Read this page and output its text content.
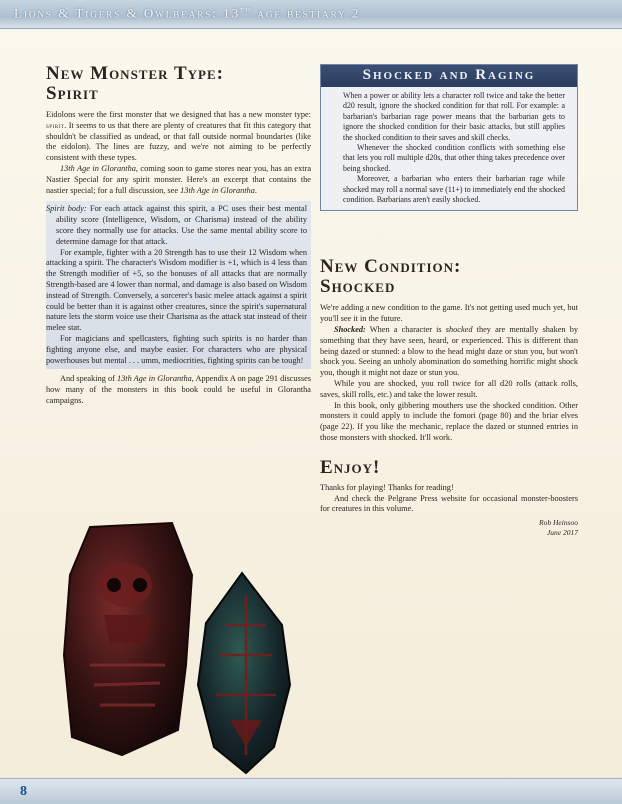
Lions & Tigers & Owlbears: 13th age bestiary 2
New Monster Type:
Spirit

Eidolons were the first monster that we designed that has a new monster type: spirit. It seems to us that there are plenty of creatures that fit this category that shouldn't be classified as undead, or that fall outside normal boundaries (like the eidolon). The lines are fuzzy, and we're not aiming to be perfectly consistent with these types.

13th Age in Glorantha, coming soon to game stores near you, has an extra Nastier Special for any spirit monster. Here's an excerpt that contains the nastier special; for a full discussion, see 13th Age in Glorantha.

Spirit body: For each attack against this spirit, a PC uses their best mental ability score (Intelligence, Wisdom, or Charisma) instead of the ability score they normally use for attacks. Use the same mental ability score to determine damage for that attack.

For example, fighter with a 20 Strength has to use their 12 Wisdom when attacking a spirit. The character's Wisdom modifier is +1, which is 4 less than the Strength modifier of +5, so the bonuses of all attacks that are normally Strength-based are 4 lower than normal, and damage is also based on Wisdom instead of Strength. Conversely, a sorcerer's basic melee attack against a spirit could be better than it is against other creatures, since the spirit's supernatural nature lets the storm voice use their Charisma as the attack stat instead of their melee stat.

For magicians and spellcasters, fighting such spirits is no harder than fighting anyone else, and maybe easier. For characters who are physical powerhouses but mental . . . umm, mediocrities, fighting spirits can be tough!

And speaking of 13th Age in Glorantha, Appendix A on page 291 discusses how many of the monsters in this book could be useful in Glorantha campaigns.

Shocked and Raging

When a power or ability lets a character roll twice and take the better d20 result, ignore the shocked condition for that roll. For example: a barbarian's barbarian rage power means that the barbarian gets to ignore the shocked condition for their basic attacks, but still applies the shocked condition to their saves and skill checks.

Whenever the shocked condition conflicts with something else that lets you roll multiple d20s, that other thing takes precedence over being shocked.

Moreover, a barbarian who enters their barbarian rage while shocked may roll a normal save (11+) to immediately end the shocked condition. Barbarians aren't easily shocked.

New Condition:
Shocked

We're adding a new condition to the game. It's not getting used much yet, but you'll see it in the future.

Shocked: When a character is shocked they are mentally shaken by something that they have seen, heard, or experienced. This is different than being dazed or stunned: a blow to the head might daze or stun you, but won't shock you. Seeing an unholy abomination do something horrific might shock you, though it might not daze or stun you.

While you are shocked, you roll twice for all d20 rolls (attack rolls, saves, skill rolls, etc.) and take the lower result.

In this book, only gibbering mouthers use the shocked condition. Other monsters it could apply to include the fomori (page 80) and the briar elves (page 22). If you like the mechanic, replace the dazed or stunned entries in those monsters with shocked. It'll work.

Enjoy!

Thanks for playing! Thanks for reading!

And check the Pelgrane Press website for occasional monster-boosters for creatures in this volume.

Rob Heinsoo
June 2017
8
